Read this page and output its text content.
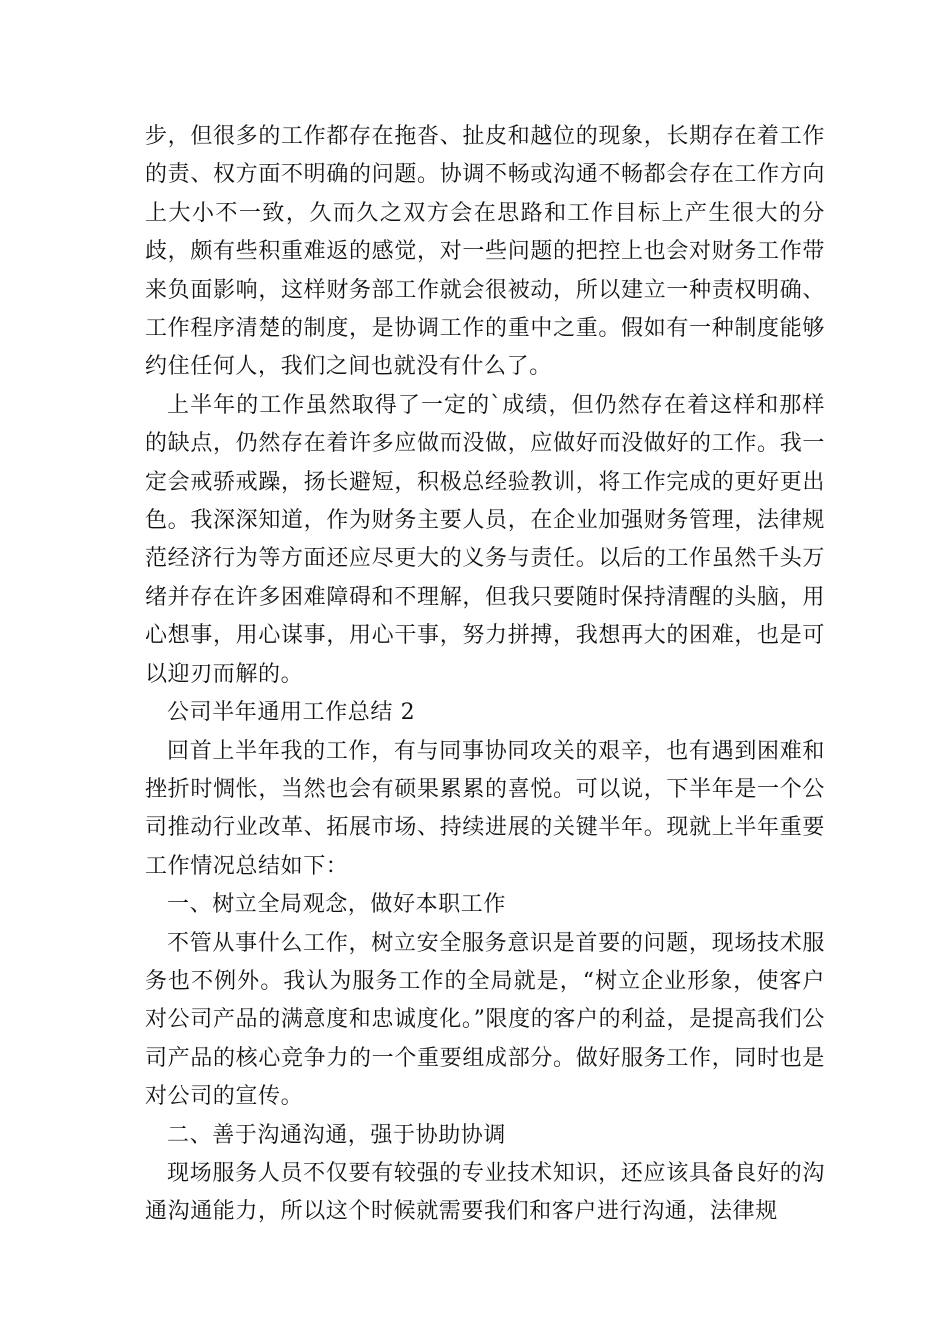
步，但很多的工作都存在拖沓、扯皮和越位的现象，长期存在着工作的责、权方面不明确的问题。协调不畅或沟通不畅都会存在工作方向上大小不一致，久而久之双方会在思路和工作目标上产生很大的分歧，颇有些积重难返的感觉，对一些问题的把控上也会对财务工作带来负面影响，这样财务部工作就会很被动，所以建立一种责权明确、工作程序清楚的制度，是协调工作的重中之重。假如有一种制度能够约住任何人，我们之间也就没有什么了。

上半年的工作虽然取得了一定的`成绩，但仍然存在着这样和那样的缺点，仍然存在着许多应做而没做，应做好而没做好的工作。我一定会戒骄戒躁，扬长避短，积极总经验教训，将工作完成的更好更出色。我深深知道，作为财务主要人员，在企业加强财务管理，法律规范经济行为等方面还应尽更大的义务与责任。以后的工作虽然千头万绪并存在许多困难障碍和不理解，但我只要随时保持清醒的头脑，用心想事，用心谋事，用心干事，努力拼搏，我想再大的困难，也是可以迎刃而解的。

公司半年通用工作总结 2

回首上半年我的工作，有与同事协同攻关的艰辛，也有遇到困难和挫折时惆怅，当然也会有硕果累累的喜悦。可以说，下半年是一个公司推动行业改革、拓展市场、持续进展的关键半年。现就上半年重要工作情况总结如下：

一、树立全局观念，做好本职工作

不管从事什么工作，树立安全服务意识是首要的问题，现场技术服务也不例外。我认为服务工作的全局就是，“树立企业形象，使客户对公司产品的满意度和忠诚度化。”限度的客户的利益，是提高我们公司产品的核心竞争力的一个重要组成部分。做好服务工作，同时也是对公司的宣传。

二、善于沟通沟通，强于协助协调

现场服务人员不仅要有较强的专业技术知识，还应该具备良好的沟通沟通能力，所以这个时候就需要我们和客户进行沟通，法律规
